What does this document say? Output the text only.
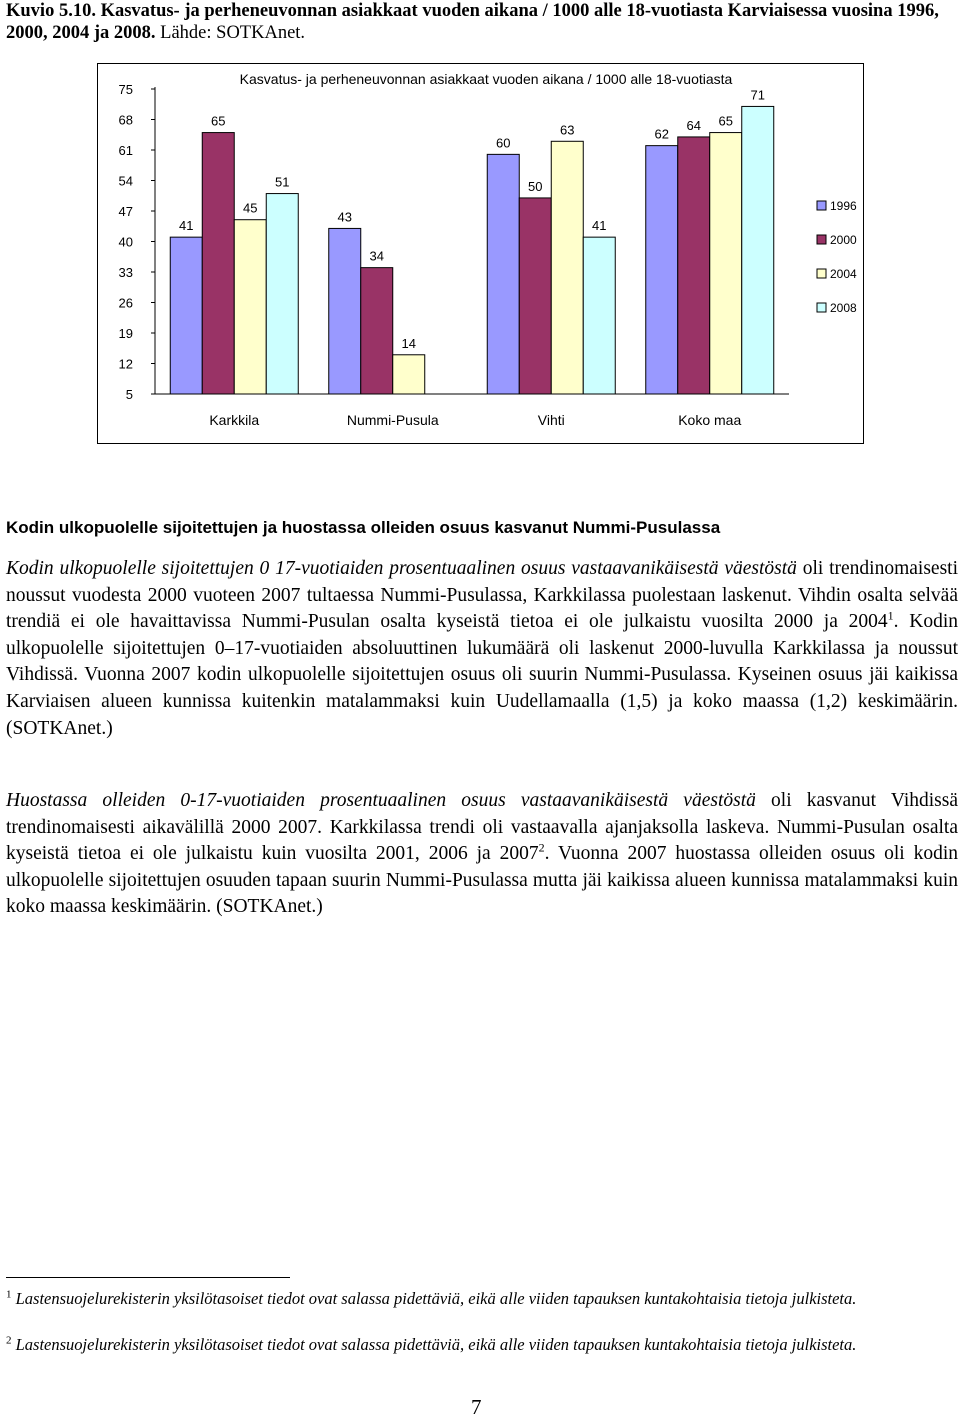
Kuvio 5.10. Kasvatus- ja perheneuvonnan asiakkaat vuoden aikana / 1000 alle 18-vuotiasta Karviaisessa vuosina 1996, 2000, 2004 ja 2008. Lähde: SOTKAnet.
Kasvatus- ja perheneuvonnan asiakkaat vuoden aikana / 1000 alle 18-vuotiasta
5
12
19
26
33
40
47
54
61
68
75
41
65
45
51
Karkkila
43
34
14
Nummi-Pusula
60
50
63
41
Vihti
62
64 65
71
Koko maa
1996
2000
2004
2008
Kodin ulkopuolelle sijoitettujen ja huostassa olleiden osuus kasvanut Nummi-Pusulassa

Kodin ulkopuolelle sijoitettujen 0 17-vuotiaiden prosentuaalinen osuus vastaavanikäisestä väestöstä oli trendinomaisesti noussut vuodesta 2000 vuoteen 2007 tultaessa Nummi-Pusulassa, Karkkilassa puolestaan laskenut. Vihdin osalta selvää trendiä ei ole havaittavissa Nummi-Pusulan osalta kyseistä tietoa ei ole julkaistu vuosilta 2000 ja 2004$^1$. Kodin ulkopuolelle sijoitettujen 0–17-vuotiaiden absoluuttinen lukumäärä oli laskenut 2000-luvulla Karkkilassa ja noussut Vihdissä. Vuonna 2007 kodin ulkopuolelle sijoitettujen osuus oli suurin Nummi-Pusulassa. Kyseinen osuus jäi kaikissa Karviaisen alueen kunnissa kuitenkin matalammaksi kuin Uudellamaalla (1,5) ja koko maassa (1,2) keskimäärin. (SOTKAnet.)

Huostassa olleiden 0-17-vuotiaiden prosentuaalinen osuus vastaavanikäisestä väestöstä oli kasvanut Vihdissä trendinomaisesti aikavälillä 2000 2007. Karkkilassa trendi oli vastaavalla ajanjaksolla laskeva. Nummi-Pusulan osalta kyseistä tietoa ei ole julkaistu kuin vuosilta 2001, 2006 ja 2007$^2$. Vuonna 2007 huostassa olleiden osuus oli kodin ulkopuolelle sijoitettujen osuuden tapaan suurin Nummi-Pusulassa mutta jäi kaikissa alueen kunnissa matalammaksi kuin koko maassa keskimäärin. (SOTKAnet.)

$^1$ Lastensuojelurekisterin yksilötasoiset tiedot ovat salassa pidettäviä, eikä alle viiden tapauksen kuntakohtaisia tietoja julkisteta.

$^2$ Lastensuojelurekisterin yksilötasoiset tiedot ovat salassa pidettäviä, eikä alle viiden tapauksen kuntakohtaisia tietoja julkisteta.

7
